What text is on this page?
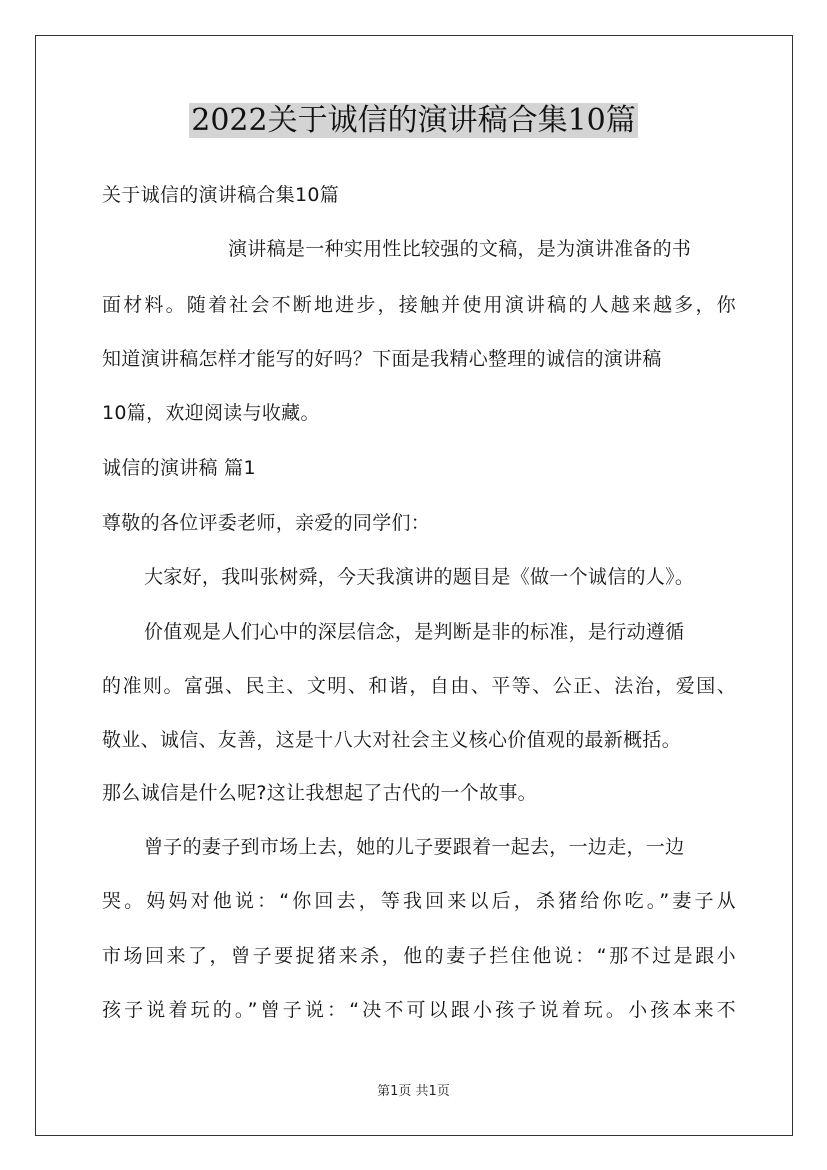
2022关于诚信的演讲稿合集10篇
关于诚信的演讲稿合集10篇
演讲稿是一种实用性比较强的文稿，是为演讲准备的书
面材料。随着社会不断地进步，接触并使用演讲稿的人越来越多，你
知道演讲稿怎样才能写的好吗？下面是我精心整理的诚信的演讲稿
10篇，欢迎阅读与收藏。
诚信的演讲稿 篇1
尊敬的各位评委老师，亲爱的同学们：
大家好，我叫张树舜，今天我演讲的题目是《做一个诚信的人》。
价值观是人们心中的深层信念，是判断是非的标准，是行动遵循
的准则。富强、民主、文明、和谐，自由、平等、公正、法治，爱国、
敬业、诚信、友善，这是十八大对社会主义核心价值观的最新概括。
那么诚信是什么呢?这让我想起了古代的一个故事。
曾子的妻子到市场上去，她的儿子要跟着一起去，一边走，一边
哭。妈妈对他说：“你回去，等我回来以后，杀猪给你吃。”妻子从
市场回来了，曾子要捉猪来杀，他的妻子拦住他说：“那不过是跟小
孩子说着玩的。”曾子说：“决不可以跟小孩子说着玩。小孩本来不
第1页 共1页
